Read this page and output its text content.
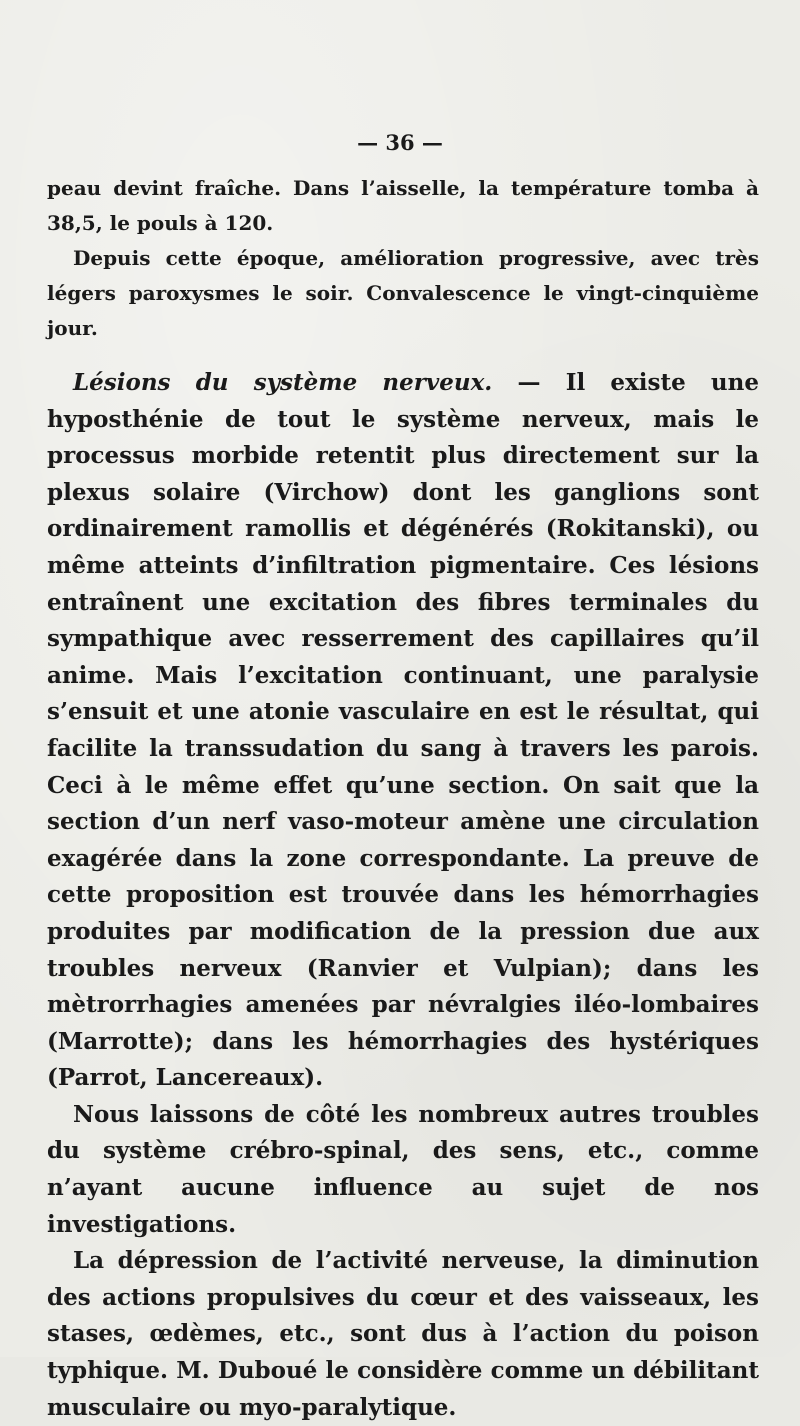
— 36 —

peau devint fraîche. Dans l’aisselle, la température tomba à 38,5, le pouls à 120.

Depuis cette époque, amélioration progressive, avec très légers paroxysmes le soir. Convalescence le vingt-cinquième jour.

Lésions du système nerveux. — Il existe une hyposthénie de tout le système nerveux, mais le processus morbide retentit plus directement sur la plexus solaire (Virchow) dont les ganglions sont ordinairement ramollis et dégénérés (Rokitanski), ou même atteints d’infiltration pigmentaire. Ces lésions entraînent une excitation des fibres terminales du sympathique avec resserrement des capillaires qu’il anime. Mais l’excitation continuant, une paralysie s’ensuit et une atonie vasculaire en est le résultat, qui facilite la transsudation du sang à travers les parois. Ceci à le même effet qu’une section. On sait que la section d’un nerf vaso-moteur amène une circulation exagérée dans la zone correspondante. La preuve de cette proposition est trouvée dans les hémorrhagies produites par modification de la pression due aux troubles nerveux (Ranvier et Vulpian); dans les mètrorrhagies amenées par névralgies iléo-lombaires (Marrotte); dans les hémorrhagies des hystériques (Parrot, Lancereaux).

Nous laissons de côté les nombreux autres troubles du système crébro-spinal, des sens, etc., comme n’ayant aucune influence au sujet de nos investigations.

La dépression de l’activité nerveuse, la diminution des actions propulsives du cœur et des vaisseaux, les stases, œdèmes, etc., sont dus à l’action du poison typhique. M. Duboué le considère comme un débilitant musculaire ou myo-paralytique.
